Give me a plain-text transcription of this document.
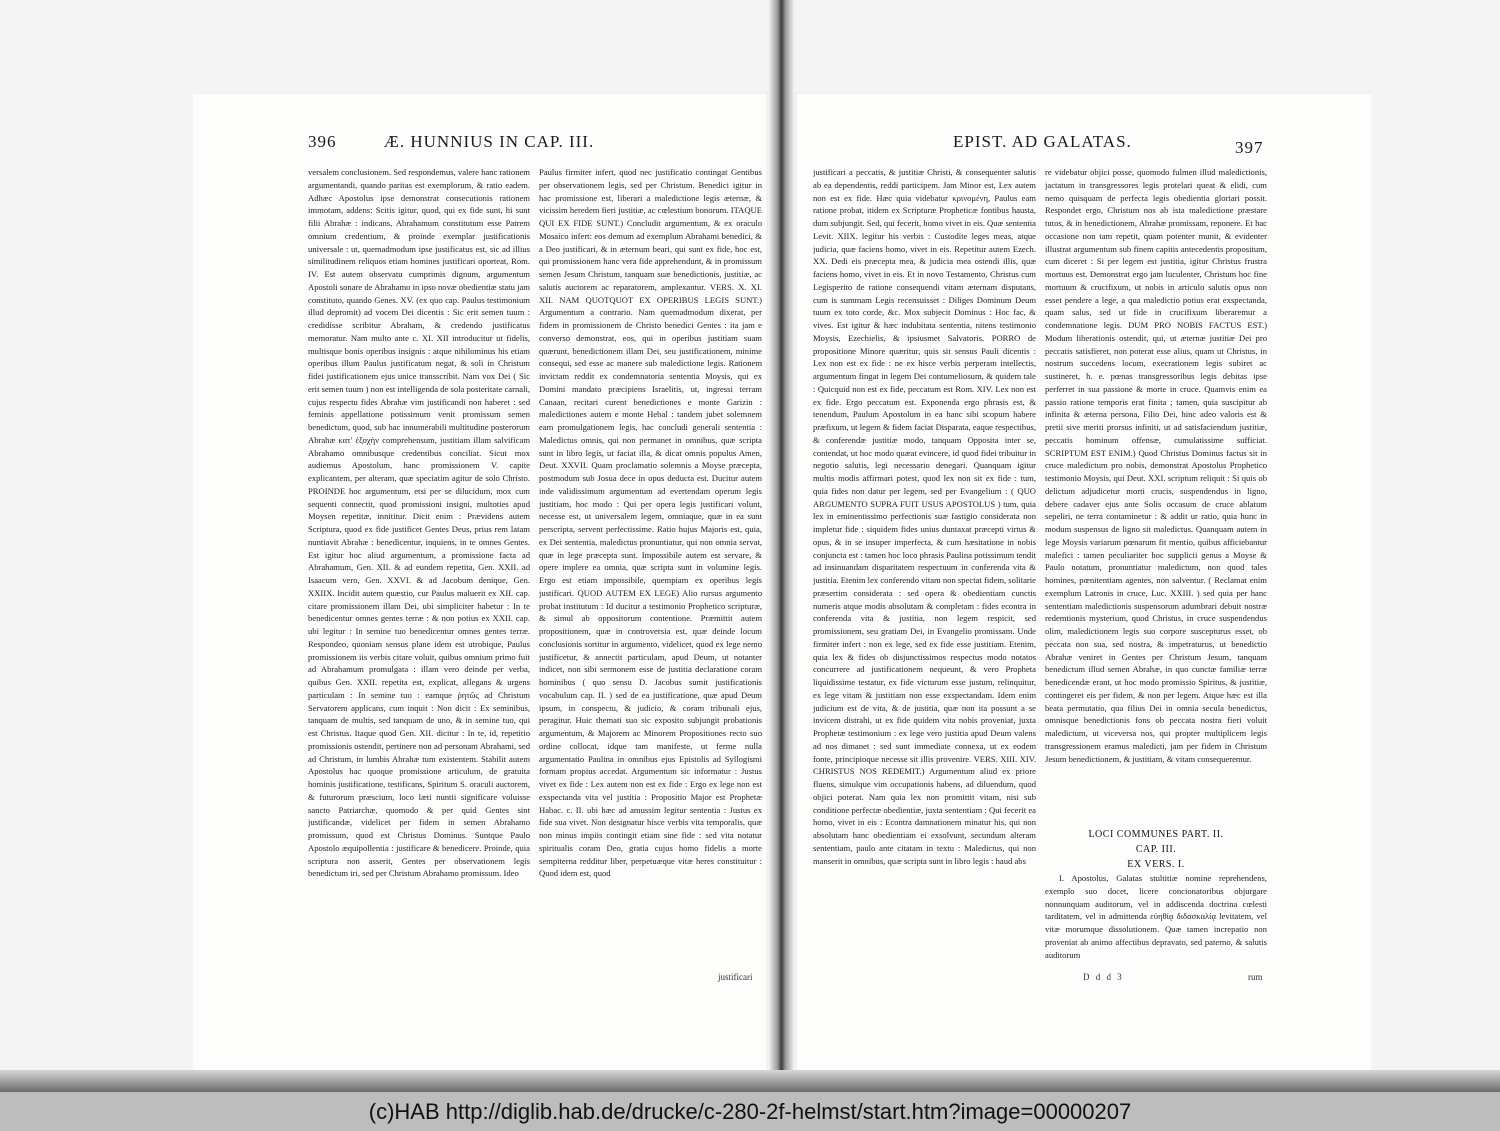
396	Æ. HUNNIUS IN CAP. III.

versalem conclusionem. Sed respondemus, valere hanc rationem argumentandi, quando paritas est exemplorum, & ratio eadem. Adhæc Apostolus ipse demonstrat consecutionis rationem immotam, addens: Scitis igitur, quod, qui ex fide sunt, hi sunt filii Abrahæ : indicans, Abrahamum constitutum esse Patrem omnium credentium, & proinde exemplar justificationis universale : ut, quemadmodum ipse justificatus est, sic ad illius similitudinem reliquos etiam homines justificari oporteat, Rom. IV. Est autem observatu cumprimis dignum, argumentum Apostoli sonare de Abrahamo in ipso novæ obedientiæ statu jam constituto, quando Genes. XV. (ex quo cap. Paulus testimonium illud depromit) ad vocem Dei dicentis : Sic erit semen tuum : credidisse scribitur Abraham, & credendo justificatus memoratur. Nam multo ante c. XI. XII introducitur ut fidelis, multisque bonis operibus insignis : atque nihilominus his etiam operibus illum Paulus justificatum negat, & soli in Christum fidei justificationem ejus unice transscribit. Nam vox Dei ( Sic erit semen tuum ) non est intelligenda de sola posteritate carnali, cujus respectu fides Abrahæ vim justificandi non haberet : sed feminis appellatione potissimum venit promissum semen benedictum, quod, sub hac innumerabili multitudine posterorum Abrahæ κατ' ἐξοχὴν comprehensum, justitiam illam salvificam Abrahamo omnibusque credentibus conciliat. Sicut mox audiemus Apostolum, hanc promissionem V. capite explicantem, per alteram, quæ speciatim agitur de solo Christo. PROINDE hoc argumentum, etsi per se dilucidum, mox cum sequenti connectit, quod promissioni insigni, multoties apud Moysen repetitæ, innititur. Dicit enim : Prævidens autem Scriptura, quod ex fide justificet Gentes Deus, prius rem latam nuntiavit Abrahæ : benedicentur, inquiens, in te omnes Gentes. Est igitur hoc aliud argumentum, a promissione facta ad Abrahamum, Gen. XII. & ad eundem repetita, Gen. XXII. ad Isaacum vero, Gen. XXVI. & ad Jacobum denique, Gen. XXIIX. Incidit autem quæstio, cur Paulus maluerit ex XII. cap. citare promissionem illam Dei, ubi simpliciter habetur : In te benedicentur omnes gentes terræ : & non potius ex XXII. cap. ubi legitur : In semine tuo benedicentur omnes gentes terræ. Respondeo, quoniam sensus plane idem est utrobique, Paulus promissionem iis verbis citare voluit, quibus omnium primo fuit ad Abrahamum promulgata : illam vero deinde per verba, quibus Gen. XXII. repetita est, explicat, allegans & urgens particulam : In semine tuo : eamque ῥητῶς ad Christum Servatorem applicans, cum inquit : Non dicit : Ex seminibus, tanquam de multis, sed tanquam de uno, & in semine tuo, qui est Christus. Itaque quod Gen. XII. dicitur : In te, id, repetitio promissionis ostendit, pertinere non ad personam Abrahami, sed ad Christum, in lumbis Abrahæ tum existentem. Stabilit autem Apostolus hac quoque promissione articulum, de gratuita hominis justificatione, testificans, Spiritum S. oraculi auctorem, & futurorum præscium, loco læti nuntii significare voluisse sancto Patriarchæ, quomodo & per quid Gentes sint justificandæ, videlicet per fidem in semen Abrahamo promissum, quod est Christus Dominus. Suntque Paulo Apostolo æquipollentia : justificare & benedicere. Proinde, quia scriptura non asserit, Gentes per observationem legis benedictum iri, sed per Christum Abrahamo promissum. Ideo

Paulus firmiter infert, quod nec justificatio contingat Gentibus per observationem legis, sed per Christum. Benedici igitur in hac promissione est, liberari a maledictione legis æternæ, & vicissim heredem fieri justitiæ, ac cœlestium bonorum. ITAQUE QUI EX FIDE SUNT.) Concludit argumentum, & ex oraculo Mosaico infert: eos demum ad exemplum Abrahami benedici, & a Deo justificari, & in æternum beari, qui sunt ex fide, hoc est, qui promissionem hanc vera fide apprehendunt, & in promissum semen Jesum Christum, tanquam suæ benedictionis, justitiæ, ac salutis auctorem ac reparatorem, amplexantur. VERS. X. XI. XII. NAM QUOTQUOT EX OPERIBUS LEGIS SUNT.) Argumentum a contrario. Nam quemadmodum dixerat, per fidem in promissionem de Christo benedici Gentes : ita jam e converso demonstrat, eos, qui in operibus justitiam suam quærunt, benedictionem illam Dei, seu justificationem, minime consequi, sed esse ac manere sub maledictione legis. Rationem invictam reddit ex condemnatoria sententia Moysis, qui ex Domini mandato præcipiens Israelitis, ut, ingressi terram Canaan, recitari curent benedictiones e monte Garizin : maledictiones autem e monte Hebal : tandem jubet solemnem eam promulgationem legis, hac concludi generali sententia : Maledictus omnis, qui non permanet in omnibus, quæ scripta sunt in libro legis, ut faciat illa, & dicat omnis populus Amen, Deut. XXVII. Quam proclamatio solemnis a Moyse præcepta, postmodum sub Josua dece in opus deducta est. Ducitur autem inde validissimum argumentum ad evertendam operum legis justitiam, hoc modo : Qui per opera legis justificari volunt, necesse est, ut universalem legem, omniaque, quæ in ea sunt perscripta, servent perfectissime. Ratio hujus Majoris est, quia, ex Dei sententia, maledictus pronuntiatur, qui non omnia servat, quæ in lege præcepta sunt. Impossibile autem est servare, & opere implere ea omnia, quæ scripta sunt in volumine legis. Ergo est etiam impossibile, quempiam ex operibus legis justificari. QUOD AUTEM EX LEGE) Alio rursus argumento probat institutum : Id ducitur a testimonio Prophetico scripturæ, & simul ab oppositorum contentione. Præmittit autem propositionem, quæ in controversia est, quæ deinde locum conclusionis sortitur in argumento, videlicet, quod ex lege nemo justificetur, & annectit particulam, apud Deum, ut notanter indicet, non sibi sermonem esse de justitia declaratione coram hominibus ( quo sensu D. Jacobus sumit justificationis vocabulum cap. II. ) sed de ea justificatione, quæ apud Deum ipsum, in conspectu, & judicio, & coram tribunali ejus, peragitur. Huic themati suo sic exposito subjungit probationis argumentum, & Majorem ac Minorem Propositiones recto suo ordine collocat, idque tam manifeste, ut ferme nulla argumentatio Paulina in omnibus ejus Epistolis ad Syllogismi formam propius accedat. Argumentum sic informatur : Justus vivet ex fide : Lex autem non est ex fide : Ergo ex lege non est exspectanda vita vel justitia : Propositio Major est Prophetæ Habac. c. II. ubi hæc ad amussim legitur sententia : Justus ex fide sua vivet. Non designatur hisce verbis vita temporalis, quæ non minus impiis contingit etiam sine fide : sed vita notatur spiritualis coram Deo, gratia cujus homo fidelis a morte sempiterna redditur liber, perpetuæque vitæ heres constituitur : Quod idem est, quod

justificari
EPIST. AD GALATAS.	397

justificari a peccatis, & justitiæ Christi, & consequenter salutis ab ea dependentis, reddi participem. Jam Minor est, Lex autem non est ex fide. Hæc quia videbatur κρινομένη, Paulus eam ratione probat, itidem ex Scripturæ Propheticæ fontibus hausta, dum subjungit. Sed, qui fecerit, homo vivet in eis. Quæ sententia Levit. XIIX. legitur his verbis : Custodite leges meas, atque judicia, quæ faciens homo, vivet in eis. Repetitur autem Ezech. XX. Dedi eis præcepta mea, & judicia mea ostendi illis, quæ faciens homo, vivet in eis. Et in novo Testamento, Christus cum Legisperito de ratione consequendi vitam æternam disputans, cum is summam Legis recensuisset : Diliges Dominum Deum tuum ex toto corde, &c. Mox subjecit Dominus : Hoc fac, & vives. Est igitur & hæc indubitata sententia, nitens testimonio Moysis, Ezechielis, & ipsiusmet Salvatoris. PORRO de propositione Minore quæritur, quis sit sensus Pauli dicentis : Lex non est ex fide : ne ex hisce verbis perperam intellectis, argumentum fingat in legem Dei contumeliosum, & quidem tale : Quicquid non est ex fide, peccatum est Rom. XIV. Lex non est ex fide. Ergo peccatum est. Exponenda ergo phrasis est, & tenendum, Paulum Apostolum in ea hanc sibi scopum habere præfixum, ut legem & fidem faciat Disparata, eaque respectibus, & conferendæ justitiæ modo, tanquam Opposita inter se, contendat, ut hoc modo quæat evincere, id quod fidei tribuitur in negotio salutis, legi necessario denegari. Quanquam igitur multis modis affirmari potest, quod lex non sit ex fide : tum, quia fides non datur per legem, sed per Evangelium : ( QUO ARGUMENTO SUPRA FUIT USUS APOSTOLUS ) tum, quia lex in eminentissimo perfectionis suæ fastigio considerata non impletur fide : siquidem fides unius duntaxat præcepti virtus & opus, & in se insuper imperfecta, & cum hæsitatione in nobis conjuncta est : tamen hoc loco phrasis Paulina potissimum tendit ad insinuandam disparitatem respectuum in conferenda vita & justitia. Etenim lex conferendo vitam non spectat fidem, solitarie præsertim considerata : sed opera & obedientiam cunctis numeris atque modis absolutam & completam : fides econtra in conferenda vita & justitia, non legem respicit, sed promissionem, seu gratiam Dei, in Evangelio promissam. Unde firmiter infert : non ex lege, sed ex fide esse justitiam. Etenim, quia lex & fides ob disjunctissimos respectus modo notatos concurrere ad justificationem nequeunt, & vero Propheta liquidissime testatur, ex fide victurum esse justum, relinquitur, ex lege vitam & justitiam non esse exspectandam. Idem enim judicium est de vita, & de justitia, quæ non ita possunt a se invicem distrahi, ut ex fide quidem vita nobis proveniat, juxta Prophetæ testimonium : ex lege vero justitia apud Deum valens ad nos dimanet : sed sunt immediate connexa, ut ex eodem fonte, principioque necesse sit illis provenire. VERS. XIII. XIV. CHRISTUS NOS REDEMIT.) Argumentum aliud ex priore fluens, simulque vim occupationis habens, ad diluendum, quod objici poterat. Nam quia lex non promittit vitam, nisi sub conditione perfectæ obedientiæ, juxta sententiam : Qui fecerit ea homo, vivet in eis : Econtra damnationem minatur his, qui non absolutam hanc obedientiam ei exsolvunt, secundum alteram sententiam, paulo ante citatam in textu : Maledictus, qui non manserit in omnibus, quæ scripta sunt in libro legis : haud abs

re videbatur objici posse, quomodo fulmen illud maledictionis, jactatum in transgressores legis protelari queat & elidi, cum nemo quisquam de perfecta legis obedientia gloriari possit. Respondet ergo, Christum nos ab ista maledictione præstare tutos, & in benedictionem, Abrahæ promissam, reponere. Et hac occasione non tam repetit, quam potenter munit, & evidenter illustrat argumentum sub finem capitis antecedentis propositum, cum diceret : Si per legem est justitia, igitur Christus frustra mortuus est. Demonstrat ergo jam luculenter, Christum hoc fine mortuum & crucifixum, ut nobis in articulo salutis opus non esset pendere a lege, a qua maledictio potius erat exspectanda, quam salus, sed ut fide in crucifixum liberaremur a condemnatione legis. DUM PRO NOBIS FACTUS EST.) Modum liberationis ostendit, qui, ut æternæ justitiæ Dei pro peccatis satisfieret, non poterat esse alius, quam ut Christus, in nostrum succedens locum, execrationem legis subiret ac sustineret, h. e. pœnas transgressoribus legis debitas ipse perferret in sua passione & morte in cruce. Quamvis enim ea passio ratione temporis erat finita ; tamen, quia suscipitur ab infinita & æterna persona, Filio Dei, hinc adeo valoris est & pretii sive meriti prorsus infiniti, ut ad satisfaciendum justitiæ, peccatis hominum offensæ, cumulatissime sufficiat. SCRIPTUM EST ENIM.) Quod Christus Dominus factus sit in cruce maledictum pro nobis, demonstrat Apostolus Prophetico testimonio Moysis, qui Deut. XXI. scriptum reliquit : Si quis ob delictum adjudicetur morti crucis, suspendendus in ligno, debere cadaver ejus ante Solis occasum de cruce ablatum sepeliri, ne terra contaminetur : & addit ur ratio, quia hunc in modum suspensus de ligno sit maledictus. Quanquam autem in lege Moysis variarum pœnarum fit mentio, quibus afficiebantur malefici : tamen peculiariter hoc supplicii genus a Moyse & Paulo notatum, pronuntiatur maledictum, non quod tales homines, pœnitentiam agentes, non salventur. ( Reclamat enim exemplum Latronis in cruce, Luc. XXIII. ) sed quia per hanc sententiam maledictionis suspensorum adumbrari debuit nostræ redemtionis mysterium, quod Christus, in cruce suspendendus olim, maledictionem legis suo corpore suscepturus esset, ob peccata non sua, sed nostra, & impetraturus, ut benedictio Abrahæ veniret in Gentes per Christum Jesum, tanquam benedictum illud semen Abrahæ, in quo cunctæ familiæ terræ benedicendæ erant, ut hoc modo promissio Spiritus, & justitiæ, contingeret eis per fidem, & non per legem. Atque hæc est illa beata permutatio, qua filius Dei in omnia secula benedictus, omnisque benedictionis fons ob peccata nostra fieri voluit maledictum, ut viceversa nos, qui propter multiplicem legis transgressionem eramus maledicti, jam per fidem in Christum Jesum benedictionem, & justitiam, & vitam consequeremur.

LOCI COMMUNES PART. II.
CAP. III.
EX VERS. I.

I. Apostolus, Galatas stultitiæ nomine reprehendens, exemplo suo docet, licere concionatoribus objurgare nonnunquam auditorum, vel in addiscenda doctrina cœlesti tarditatem, vel in admittenda εὐηθίᾳ διδασκαλίᾳ levitatem, vel vitæ morumque dissolutionem. Quæ tamen increpatio non proveniat ab animo affectibus depravato, sed paterno, & salutis auditorum

D d d 3	rum
(c)HAB http://diglib.hab.de/drucke/c-280-2f-helmst/start.htm?image=00000207
